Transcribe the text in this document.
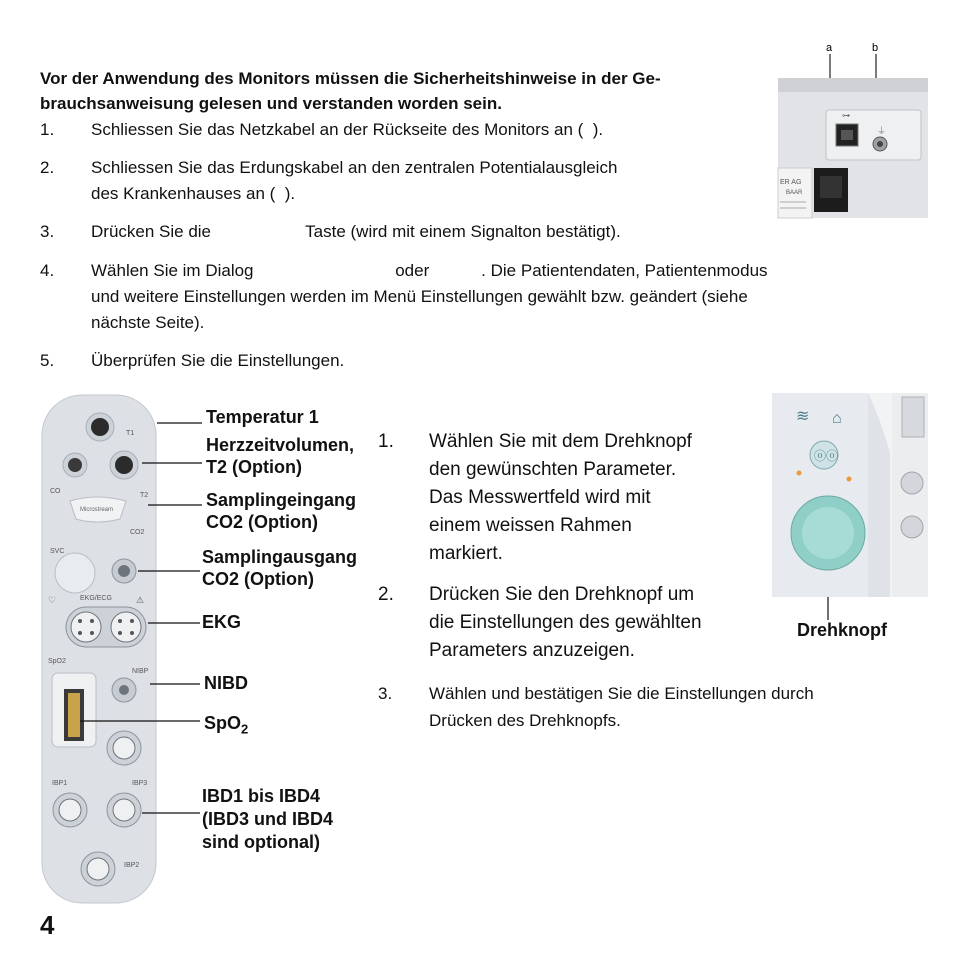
Vor der Anwendung des Monitors müssen die Sicherheitshinweise in der Ge-
brauchsanweisung gelesen und verstanden worden sein.
1. Schliessen Sie das Netzkabel an der Rückseite des Monitors an (  ).
2. Schliessen Sie das Erdungskabel an den zentralen Potentialausgleich
des Krankenhauses an (  ).
3. Drücken Sie die                    Taste (wird mit einem Signalton bestätigt).
4. Wählen Sie im Dialog                              oder           . Die Patientendaten, Patientenmodus
und weitere Einstellungen werden im Menü Einstellungen gewählt bzw. geändert (siehe
nächste Seite).
5. Überprüfen Sie die Einstellungen.
a	b
⊶
⏚
ER AG
BAAR
T1
CO
T2
Microstream
CO2
SVC
EKG/ECG
♡	⚠
SpO2
NIBP
IBP1	IBP3
IBP2
Temperatur 1
Herzzeitvolumen,
T2 (Option)
Samplingeingang
CO2 (Option)
Samplingausgang
CO2 (Option)
EKG
NIBD
SpO$_2$
IBD1 bis IBD4
(IBD3 und IBD4
sind optional)
1. Wählen Sie mit dem Drehknopf
den gewünschten Parameter.
Das Messwertfeld wird mit
einem weissen Rahmen
markiert.
2. Drücken Sie den Drehknopf um
die Einstellungen des gewählten
Parameters anzuzeigen.
3. Wählen und bestätigen Sie die Einstellungen durch
Drücken des Drehknopfs.
≋ ⌂
ⓞⓞ
Drehknopf
4
